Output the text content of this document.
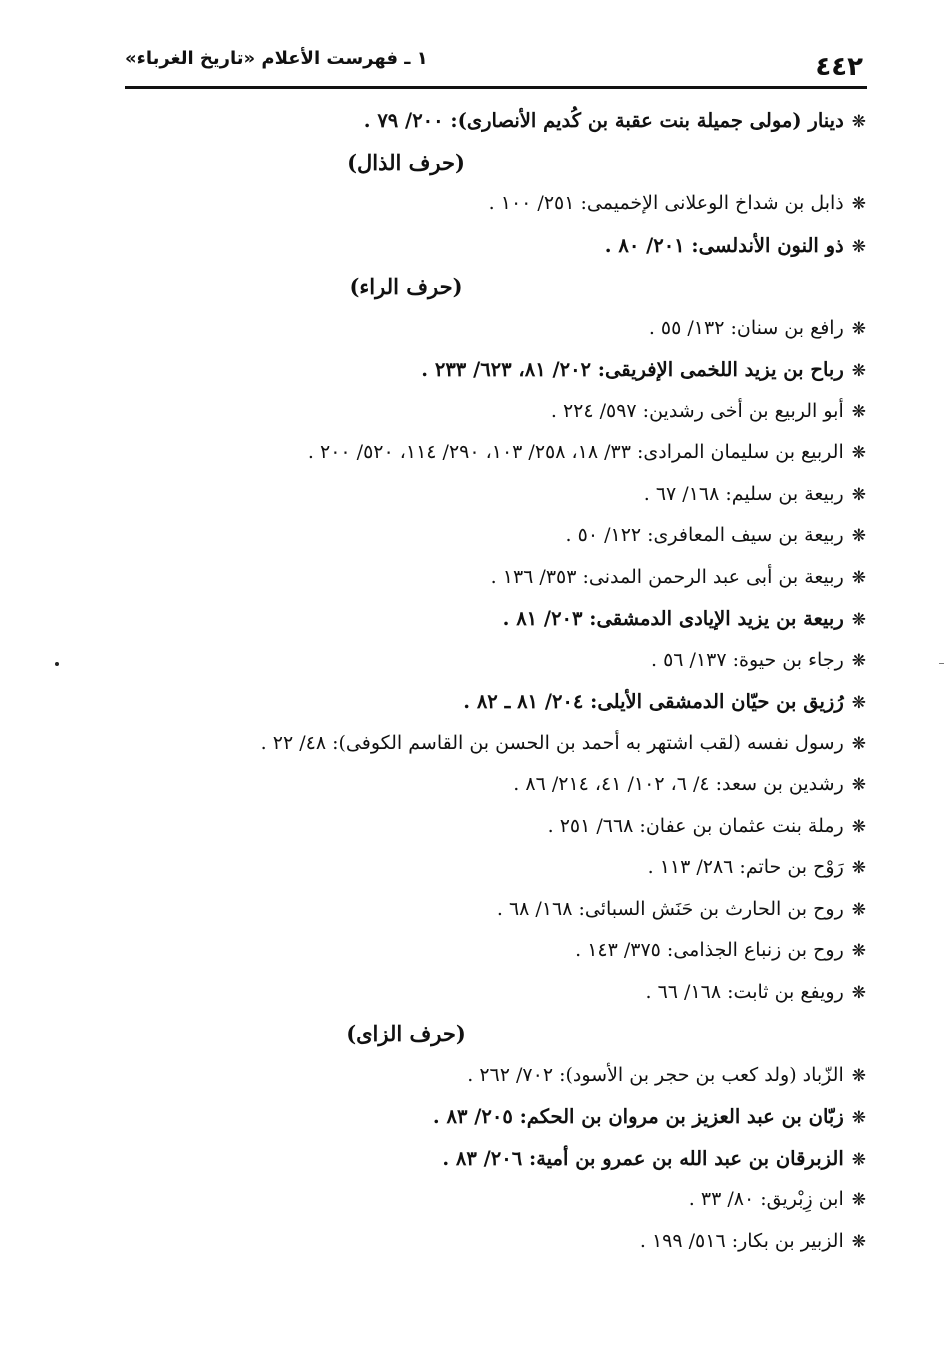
٤٤٢
١ ـ فهرست الأعلام «تاريخ الغرباء»
❋دينار (مولى جميلة بنت عقبة بن كُديم الأنصارى): ٢٠٠/ ٧٩ .
(حرف الذال)
❋ذابل بن شداخ الوعلانى الإخميمى: ٢٥١/ ١٠٠ .
❋ذو النون الأندلسى: ٢٠١/ ٨٠ .
(حرف الراء)
❋رافع بن سنان: ١٣٢/ ٥٥ .
❋رباح بن يزيد اللخمى الإفريقى: ٢٠٢/ ٨١، ٦٢٣/ ٢٣٣ .
❋أبو الربيع بن أخى رشدين: ٥٩٧/ ٢٢٤ .
❋الربيع بن سليمان المرادى: ٣٣/ ١٨، ٢٥٨/ ١٠٣، ٢٩٠/ ١١٤، ٥٢٠/ ٢٠٠ .
❋ربيعة بن سليم: ١٦٨/ ٦٧ .
❋ربيعة بن سيف المعافرى: ١٢٢/ ٥٠ .
❋ربيعة بن أبى عبد الرحمن المدنى: ٣٥٣/ ١٣٦ .
❋ربيعة بن يزيد الإيادى الدمشقى: ٢٠٣/ ٨١ .
❋رجاء بن حيوة: ١٣٧/ ٥٦ .
❋رُزيق بن حيّان الدمشقى الأيلى: ٢٠٤/ ٨١ ـ ٨٢ .
❋رسول نفسه (لقب اشتهر به أحمد بن الحسن بن القاسم الكوفى): ٤٨/ ٢٢ .
❋رشدين بن سعد: ٤/ ٦، ١٠٢/ ٤١، ٢١٤/ ٨٦ .
❋رملة بنت عثمان بن عفان: ٦٦٨/ ٢٥١ .
❋رَوْح بن حاتم: ٢٨٦/ ١١٣ .
❋روح بن الحارث بن حَنَش السبائى: ١٦٨/ ٦٨ .
❋روح بن زنباع الجذامى: ٣٧٥/ ١٤٣ .
❋رويفع بن ثابت: ١٦٨/ ٦٦ .
(حرف الزاى)
❋الزّباد (ولد كعب بن حجر بن الأسود): ٧٠٢/ ٢٦٢ .
❋زبّان بن عبد العزيز بن مروان بن الحكم: ٢٠٥/ ٨٣ .
❋الزبرقان بن عبد الله بن عمرو بن أمية: ٢٠٦/ ٨٣ .
❋ابن زِبْريق: ٨٠/ ٣٣ .
❋الزبير بن بكار: ٥١٦/ ١٩٩ .
